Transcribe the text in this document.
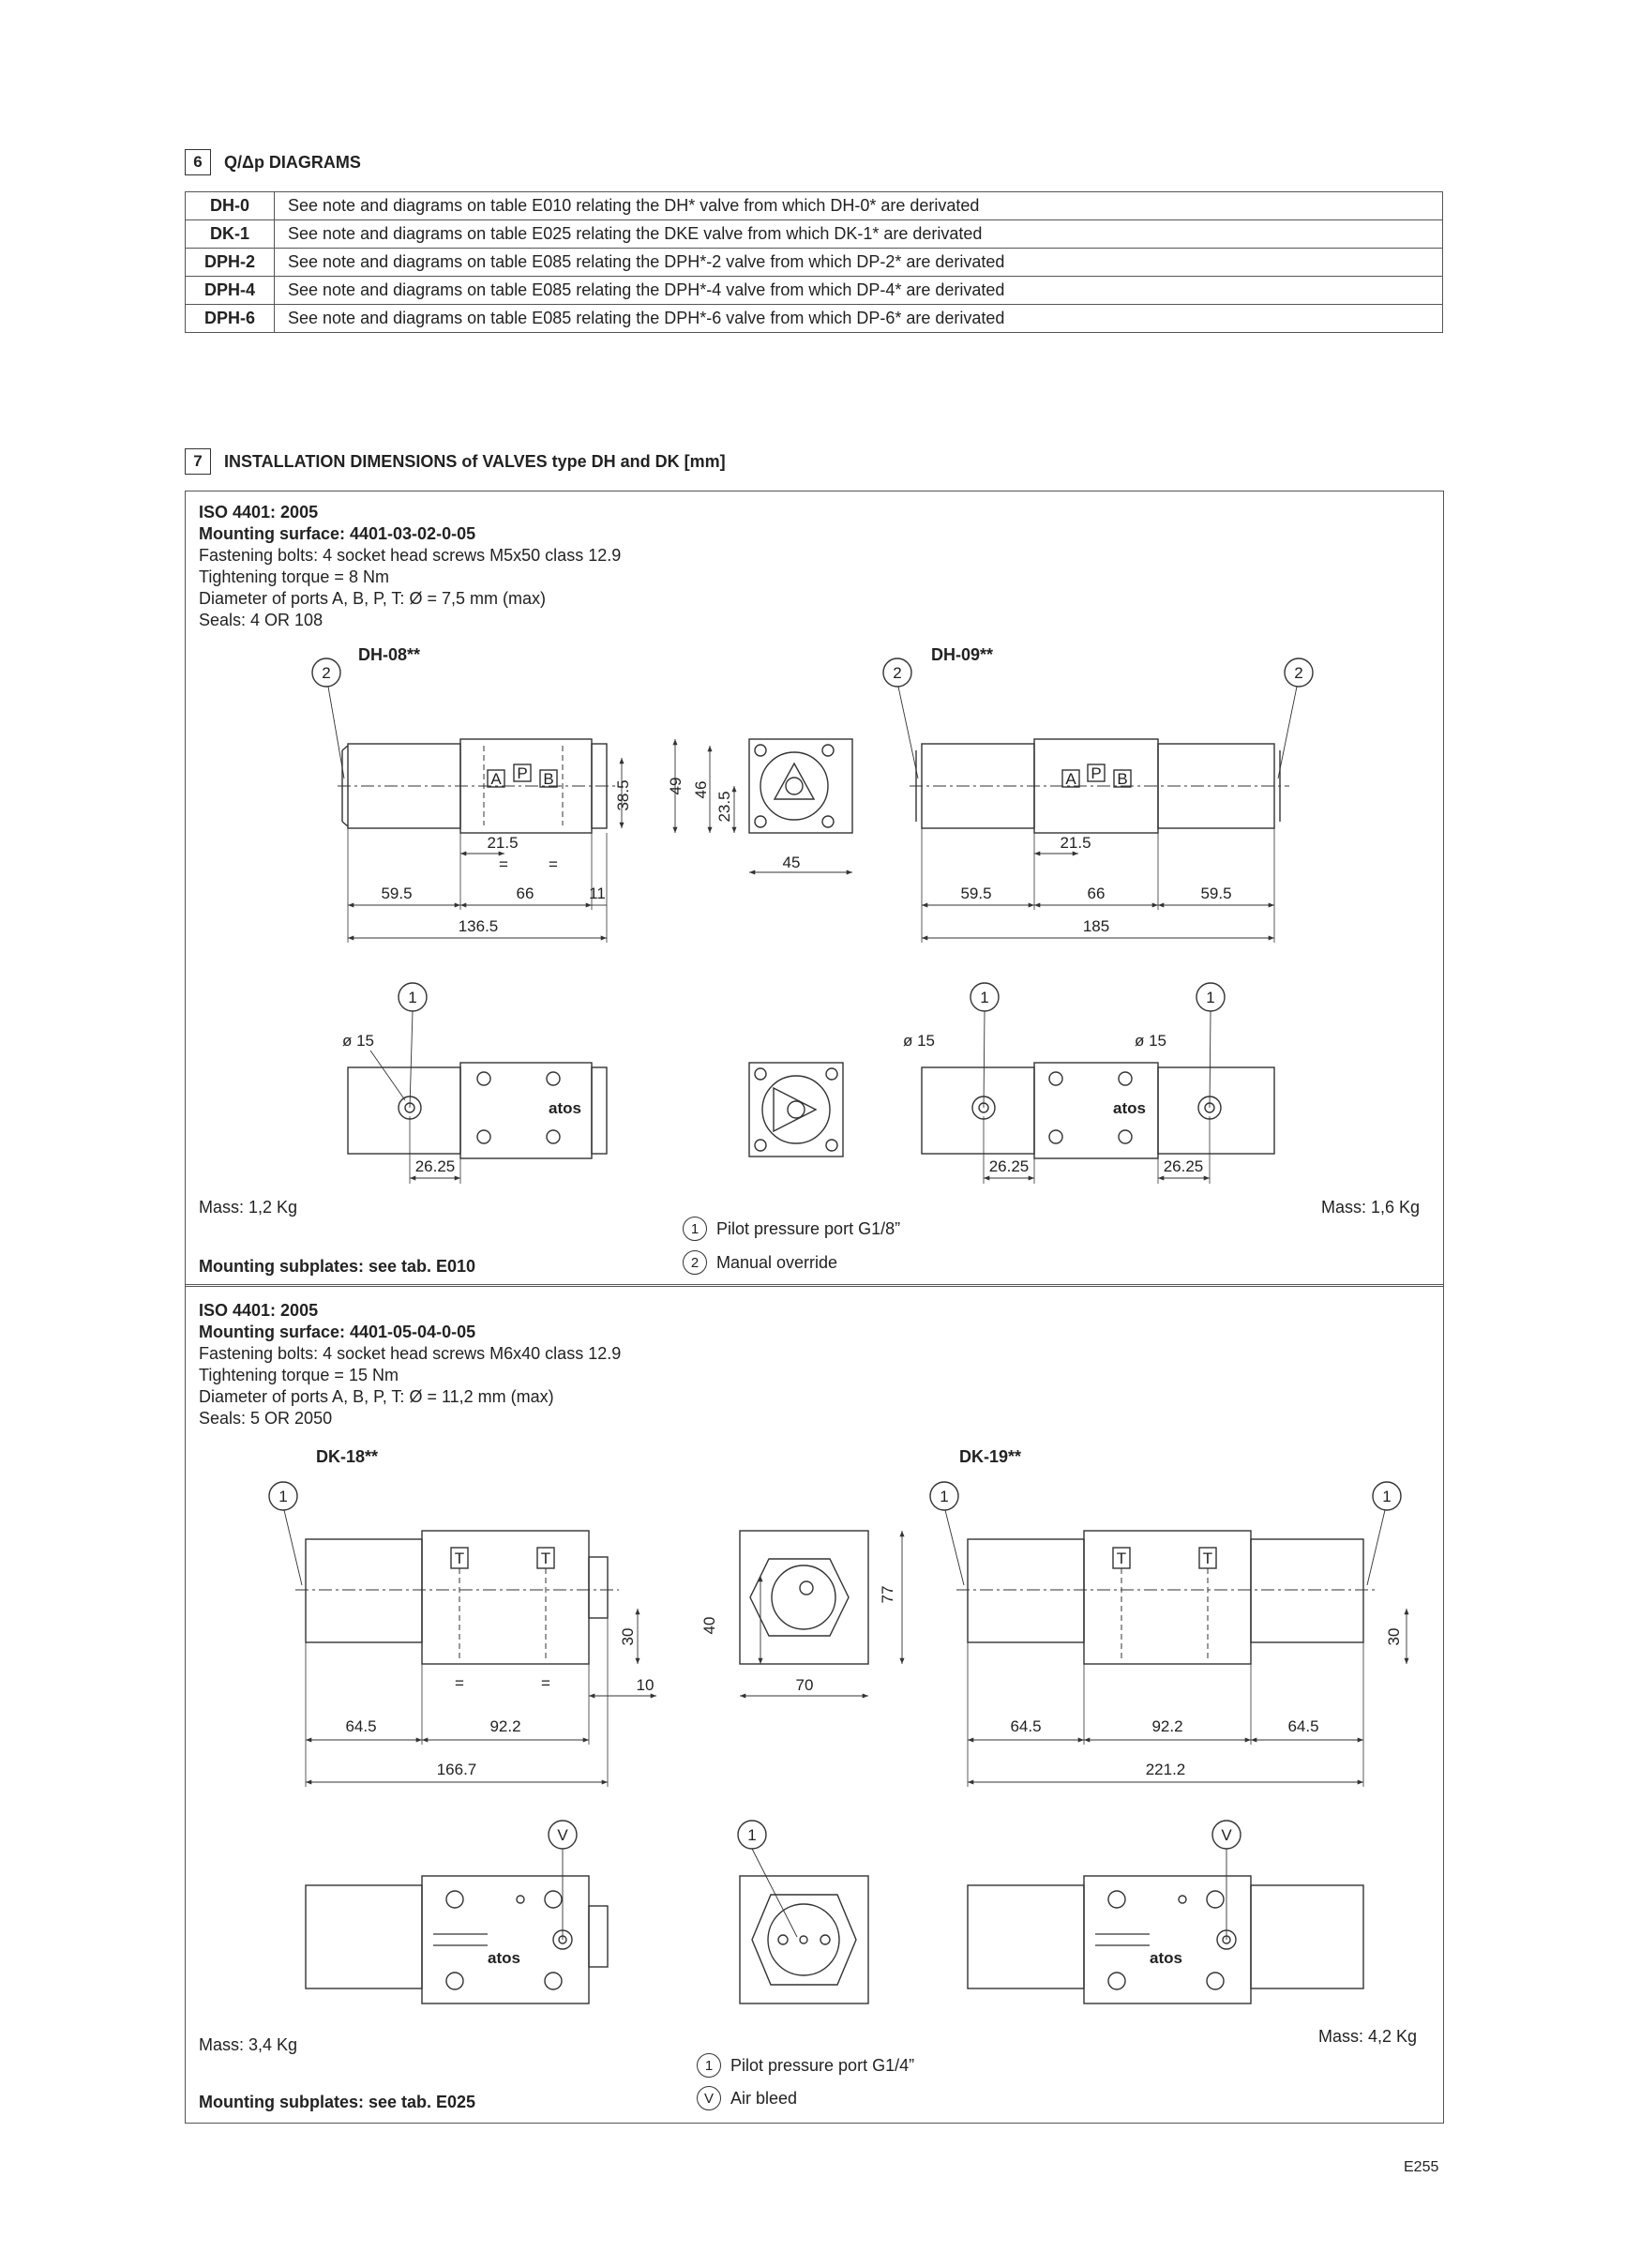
6	Q/Δp DIAGRAMS
DH-0	See note and diagrams on table E010 relating the DH* valve from which DH-0* are derivated
DK-1	See note and diagrams on table E025 relating the DKE valve from which DK-1* are derivated
DPH-2	See note and diagrams on table E085 relating the DPH*-2 valve from which DP-2* are derivated
DPH-4	See note and diagrams on table E085 relating the DPH*-4 valve from which DP-4* are derivated
DPH-6	See note and diagrams on table E085 relating the DPH*-6 valve from which DP-6* are derivated
7	INSTALLATION DIMENSIONS of VALVES type DH and DK [mm]
ISO 4401: 2005
Mounting surface: 4401-03-02-0-05
Fastening bolts: 4 socket head screws M5x50 class 12.9
Tightening torque = 8 Nm
Diameter of ports A, B, P, T: Ø = 7,5 mm (max)
Seals: 4 OR 108
DH-08**	DH-09**
Mass: 1,2 Kg	Mass: 1,6 Kg
Mounting subplates: see tab. E010
1	Pilot pressure port G1/8”
2	Manual override
ISO 4401: 2005
Mounting surface: 4401-05-04-0-05
Fastening bolts: 4 socket head screws M6x40 class 12.9
Tightening torque = 15 Nm
Diameter of ports A, B, P, T: Ø = 11,2 mm (max)
Seals: 5 OR 2050
DK-18**	DK-19**
Mass: 3,4 Kg	Mass: 4,2 Kg
Mounting subplates: see tab. E025
1	Pilot pressure port G1/4”
V	Air bleed
E255
A P B
59.5	66	11
136.5
21.5
=	=
38.5
A P B
59.5	66	59.5
185
21.5
49 46
23.5
45
atos
ø 15
26.25
atos
ø 15	ø 15
26.25	26.25
T	T
64.5	92.2
166.7
10
=	=
30
1
40
77
70
T	T
64.5	92.2	64.5
221.2
30
1	1
atos
V	1
atos
V
2	2	2
1	1	1
